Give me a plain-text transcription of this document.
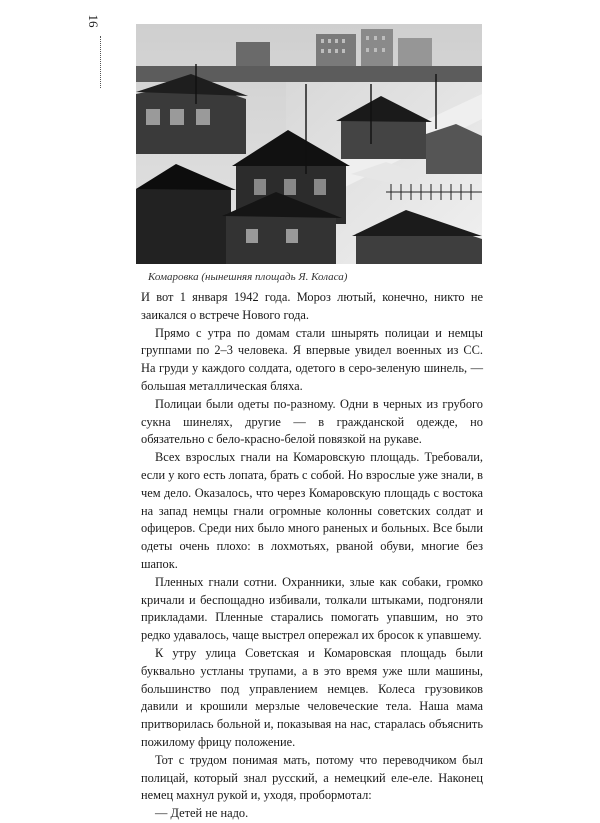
16
Комаровка (нынешняя площадь Я. Коласа)

И вот 1 января 1942 года. Мороз лютый, конечно, никто не заикался о встрече Нового года.

Прямо с утра по домам стали шнырять полицаи и немцы группами по 2–3 человека. Я впервые увидел военных из СС. На груди у каждого солдата, одетого в серо-зеленую шинель, — большая металлическая бляха.

Полицаи были одеты по-разному. Одни в черных из грубого сукна шинелях, другие — в гражданской одежде, но обязательно с бело-красно-белой повязкой на рукаве.

Всех взрослых гнали на Комаровскую площадь. Требовали, если у кого есть лопата, брать с собой. Но взрослые уже знали, в чем дело. Оказалось, что через Комаровскую площадь с востока на запад немцы гнали огромные колонны советских солдат и офицеров. Среди них было много раненых и больных. Все были одеты очень плохо: в лохмотьях, рваной обуви, многие без шапок.

Пленных гнали сотни. Охранники, злые как собаки, громко кричали и беспощадно избивали, толкали штыками, подгоняли прикладами. Пленные старались помогать упавшим, но это редко удавалось, чаще выстрел опережал их бросок к упавшему.

К утру улица Советская и Комаровская площадь были буквально устланы трупами, а в это время уже шли машины, большинство под управлением немцев. Колеса грузовиков давили и крошили мерзлые человеческие тела. Наша мама притворилась больной и, показывая на нас, старалась объяснить пожилому фрицу положение.

Тот с трудом понимая мать, потому что переводчиком был полицай, который знал русский, а немецкий еле-еле. Наконец немец махнул рукой и, уходя, пробормотал:

— Детей не надо.
